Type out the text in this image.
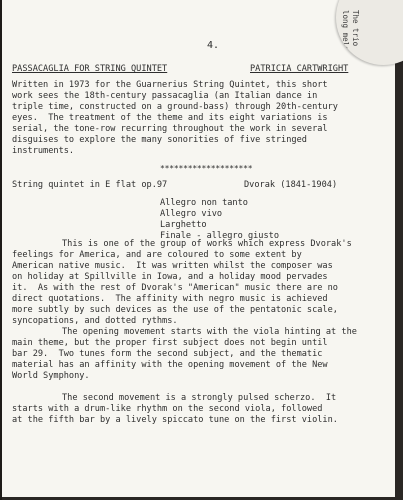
4.
PASSACAGLIA FOR STRING QUINTET	PATRICIA CARTWRIGHT
Written in 1973 for the Guarnerius String Quintet, this short
work sees the 18th-century passacaglia (an Italian dance in
triple time, constructed on a ground-bass) through 20th-century
eyes.  The treatment of the theme and its eight variations is
serial, the tone-row recurring throughout the work in several
disguises to explore the many sonorities of five stringed
instruments.
********************
String quintet in E flat op.97	Dvorak (1841-1904)
Allegro non tanto
Allegro vivo
Larghetto
Finale - allegro giusto
This is one of the group of works which express Dvorak's
feelings for America, and are coloured to some extent by
American native music.  It was written whilst the composer was
on holiday at Spillville in Iowa, and a holiday mood pervades
it.  As with the rest of Dvorak's "American" music there are no
direct quotations.  The affinity with negro music is achieved
more subtly by such devices as the use of the pentatonic scale,
syncopations, and dotted rythms.
The opening movement starts with the viola hinting at the
main theme, but the proper first subject does not begin until
bar 29.  Two tunes form the second subject, and the thematic
material has an affinity with the opening movement of the New
World Symphony.
The second movement is a strongly pulsed scherzo.  It
starts with a drum-like rhythm on the second viola, followed
at the fifth bar by a lively spiccato tune on the first violin.
The trio
long melo
